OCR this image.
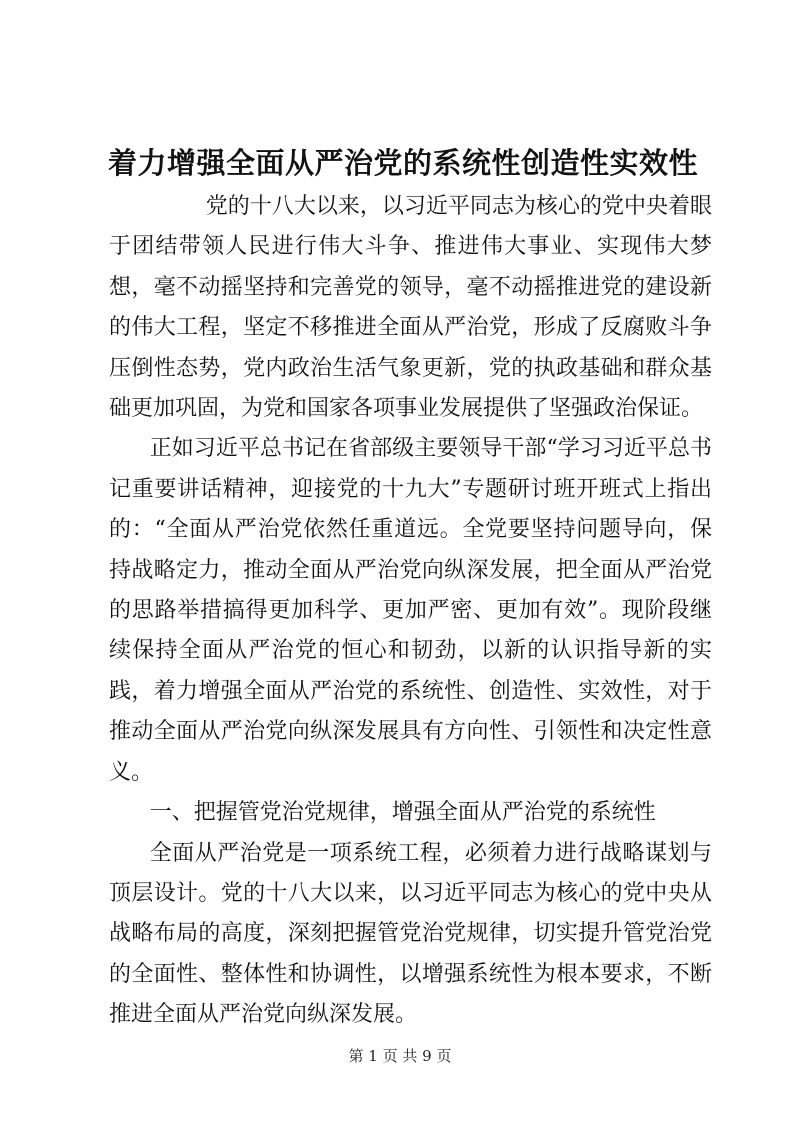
着力增强全面从严治党的系统性创造性实效性

党的十八大以来，以习近平同志为核心的党中央着眼于团结带领人民进行伟大斗争、推进伟大事业、实现伟大梦想，毫不动摇坚持和完善党的领导，毫不动摇推进党的建设新的伟大工程，坚定不移推进全面从严治党，形成了反腐败斗争压倒性态势，党内政治生活气象更新，党的执政基础和群众基础更加巩固，为党和国家各项事业发展提供了坚强政治保证。

正如习近平总书记在省部级主要领导干部“学习习近平总书记重要讲话精神，迎接党的十九大”专题研讨班开班式上指出的：“全面从严治党依然任重道远。全党要坚持问题导向，保持战略定力，推动全面从严治党向纵深发展，把全面从严治党的思路举措搞得更加科学、更加严密、更加有效”。现阶段继续保持全面从严治党的恒心和韧劲，以新的认识指导新的实践，着力增强全面从严治党的系统性、创造性、实效性，对于推动全面从严治党向纵深发展具有方向性、引领性和决定性意义。

一、把握管党治党规律，增强全面从严治党的系统性

全面从严治党是一项系统工程，必须着力进行战略谋划与顶层设计。党的十八大以来，以习近平同志为核心的党中央从战略布局的高度，深刻把握管党治党规律，切实提升管党治党的全面性、整体性和协调性，以增强系统性为根本要求，不断推进全面从严治党向纵深发展。

第 1 页 共 9 页
